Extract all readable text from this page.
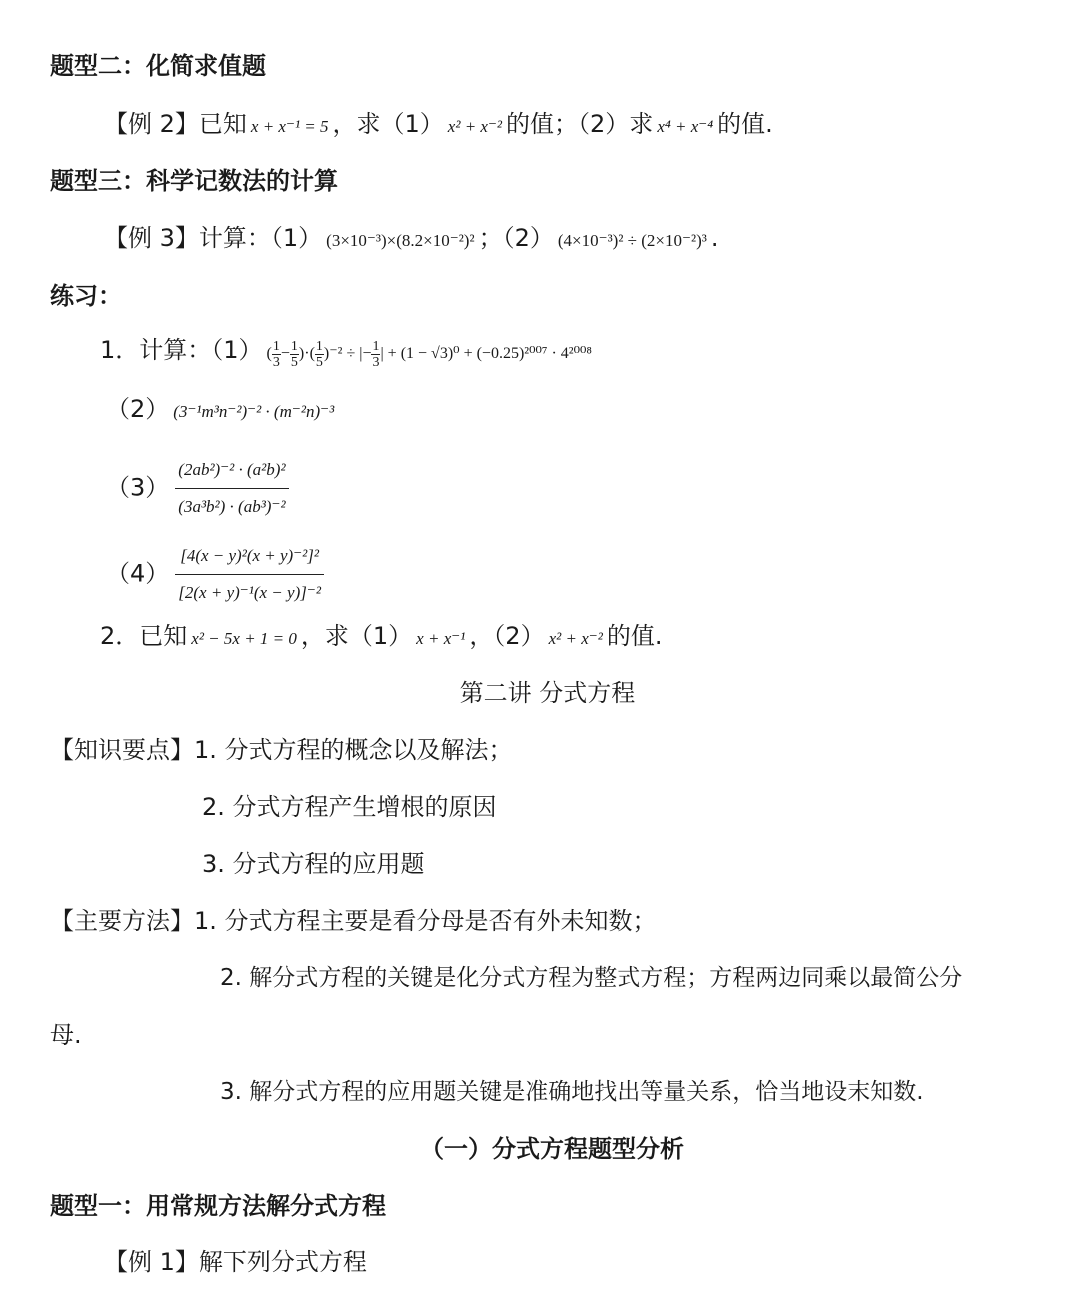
题型二：化简求值题
【例 2】已知 x + x⁻¹ = 5 ，求（1） x² + x⁻² 的值；（2）求 x⁴ + x⁻⁴ 的值.
题型三：科学记数法的计算
【例 3】计算：（1） (3×10⁻³)×(8.2×10⁻²)² ；（2） (4×10⁻³)² ÷ (2×10⁻²)³ .
练习：
1．计算：（1） ( $\frac{1}{3} - \frac{1}{5}$ )·( $\frac{1}{5} )^{-2}$ ÷ |− $\frac{1}{3}$ | + (1 − √3)⁰ + (−0.25)²⁰⁰⁷ · 4²⁰⁰⁸
（2） (3⁻¹m³n⁻²)⁻² · (m⁻²n)⁻³
$(3) \frac{\text{(2ab²)⁻² · (a²b)²}}{\text{(3a³b²) · (ab³)⁻²}}$
$(4) \frac{\text{[4(x − y)²(x + y)⁻²]²}}{\text{[2(x + y)⁻¹(x − y)]⁻²}}$
2．已知 x² − 5x + 1 = 0 ，求（1） x + x⁻¹ ，（2） x² + x⁻² 的值.
第二讲 分式方程
【知识要点】1. 分式方程的概念以及解法；
2. 分式方程产生增根的原因
3. 分式方程的应用题
【主要方法】1. 分式方程主要是看分母是否有外未知数；
2. 解分式方程的关键是化分式方程为整式方程；方程两边同乘以最简公分
母.
3. 解分式方程的应用题关键是准确地找出等量关系，恰当地设末知数.
（一）分式方程题型分析
题型一：用常规方法解分式方程
【例 1】解下列分式方程
